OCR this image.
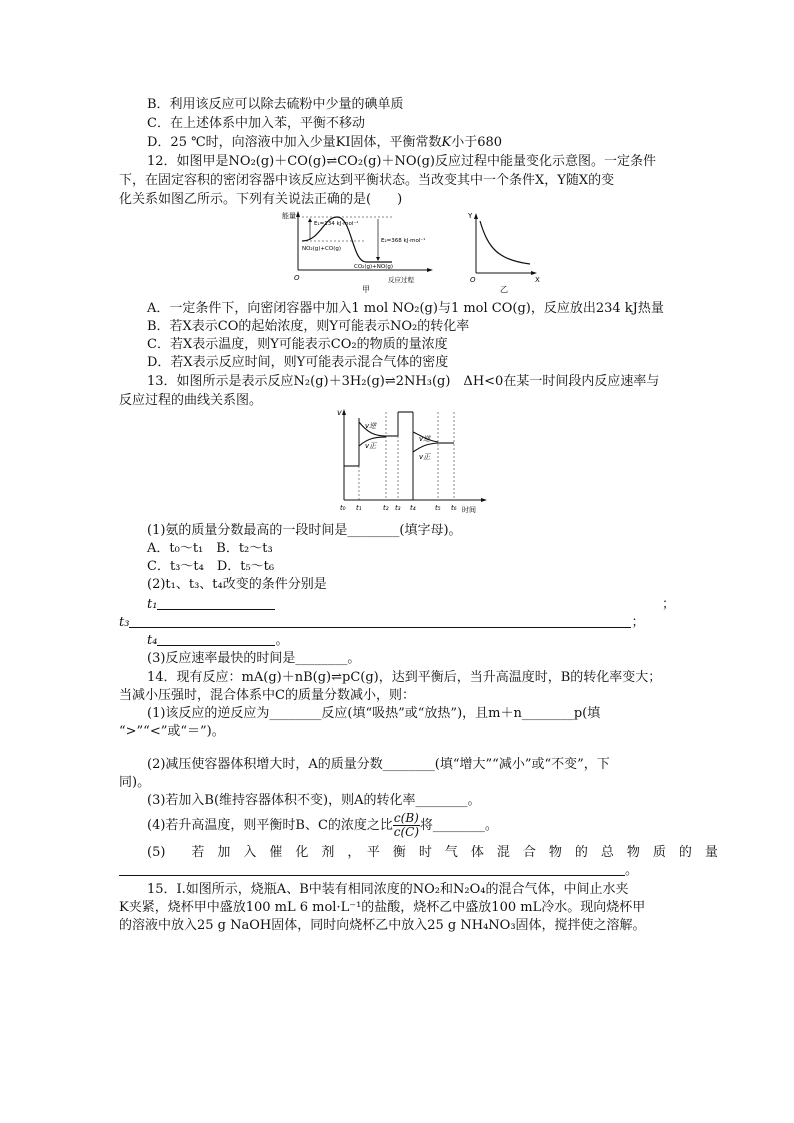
B．利用该反应可以除去硫粉中少量的碘单质
C．在上述体系中加入苯，平衡不移动
D．25 ℃时，向溶液中加入少量KI固体，平衡常数K小于680
12．如图甲是NO₂(g)＋CO(g)⇌CO₂(g)＋NO(g)反应过程中能量变化示意图。一定条件
下，在固定容积的密闭容器中该反应达到平衡状态。当改变其中一个条件X，Y随X的变
化关系如图乙所示。下列有关说法正确的是(　　)
能量
O	反应过程
E₁=134 kJ·mol⁻¹
E₂=368 kJ·mol⁻¹
NO₂(g)+CO(g)
CO₂(g)+NO(g)
甲
Y
O	X
乙
A．一定条件下，向密闭容器中加入1 mol NO₂(g)与1 mol CO(g)，反应放出234 kJ热量
B．若X表示CO的起始浓度，则Y可能表示NO₂的转化率
C．若X表示温度，则Y可能表示CO₂的物质的量浓度
D．若X表示反应时间，则Y可能表示混合气体的密度
13．如图所示是表示反应N₂(g)＋3H₂(g)⇌2NH₃(g)　ΔH<0在某一时间段内反应速率与
反应过程的曲线关系图。
v
时间
v逆
v正
v逆
v正
t₀ t₁	t₂ t₃ t₄	t₅ t₆
(1)氨的质量分数最高的一段时间是________(填字母)。
A．t₀～t₁　B．t₂～t₃
C．t₃～t₄　D．t₅～t₆
(2)t₁、t₃、t₄改变的条件分别是
t₁	；
t₃	；
t₄	。
(3)反应速率最快的时间是________。
14．现有反应：mA(g)＋nB(g)⇌pC(g)，达到平衡后，当升高温度时，B的转化率变大；
当减小压强时，混合体系中C的质量分数减小，则：
(1)该反应的逆反应为________反应(填“吸热”或“放热”)，且m＋n________p(填
“>”“<”或“＝”)。
(2)减压使容器体积增大时，A的质量分数________(填“增大”“减小”或“不变”，下
同)。
(3)若加入B(维持容器体积不变)，则A的转化率________。
(4)若升高温度，则平衡时B、C的浓度之比 $\frac{c(B)}{c(C)}$ 将________。
(5)　　若　加　入　催　化　剂　，　平　衡　时　气　体　混　合　物　的　总　物　质　的　量
。
15．Ⅰ.如图所示，烧瓶A、B中装有相同浓度的NO₂和N₂O₄的混合气体，中间止水夹
K夹紧，烧杯甲中盛放100 mL 6 mol·L⁻¹的盐酸，烧杯乙中盛放100 mL冷水。现向烧杯甲
的溶液中放入25 g NaOH固体，同时向烧杯乙中放入25 g NH₄NO₃固体，搅拌使之溶解。
